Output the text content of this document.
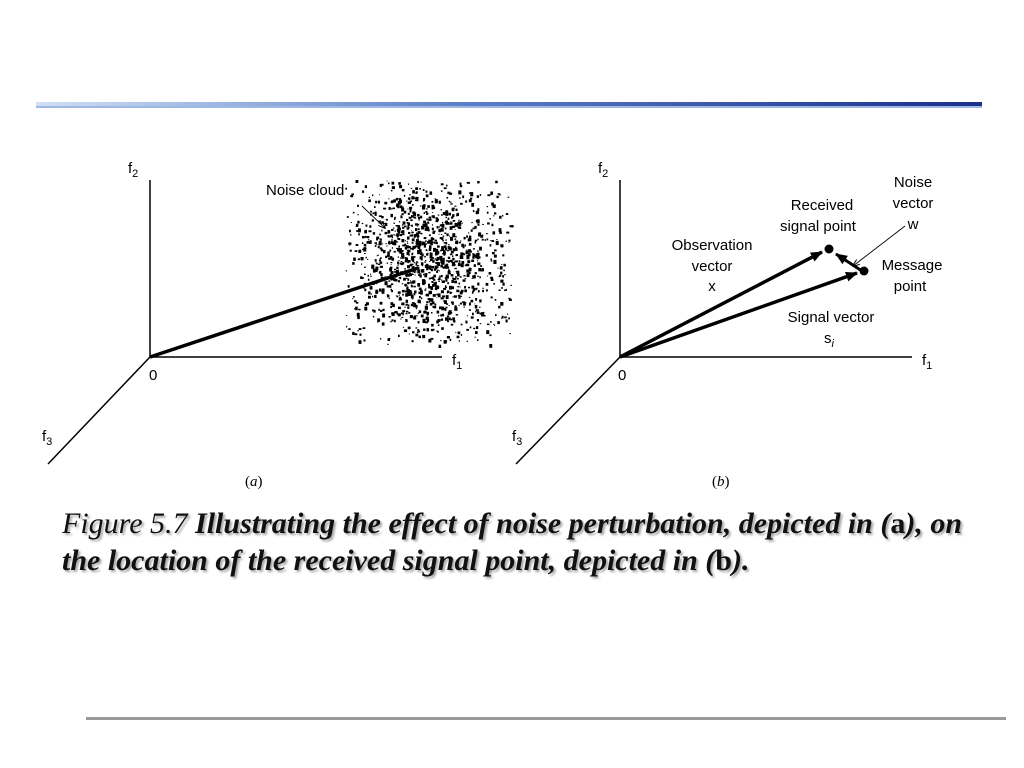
$f_2$
$f_1$
$f_3$
0
Noise cloud
(a)
$f_2$
$f_1$
$f_3$
0
Observation
vector
x
Received
signal point
Noise
vector
w
Message
point
Signal vector
$s_i$
(b)

Figure 5.7 Illustrating the effect of noise perturbation, depicted in (a), on the location of the received signal point, depicted in (b).
